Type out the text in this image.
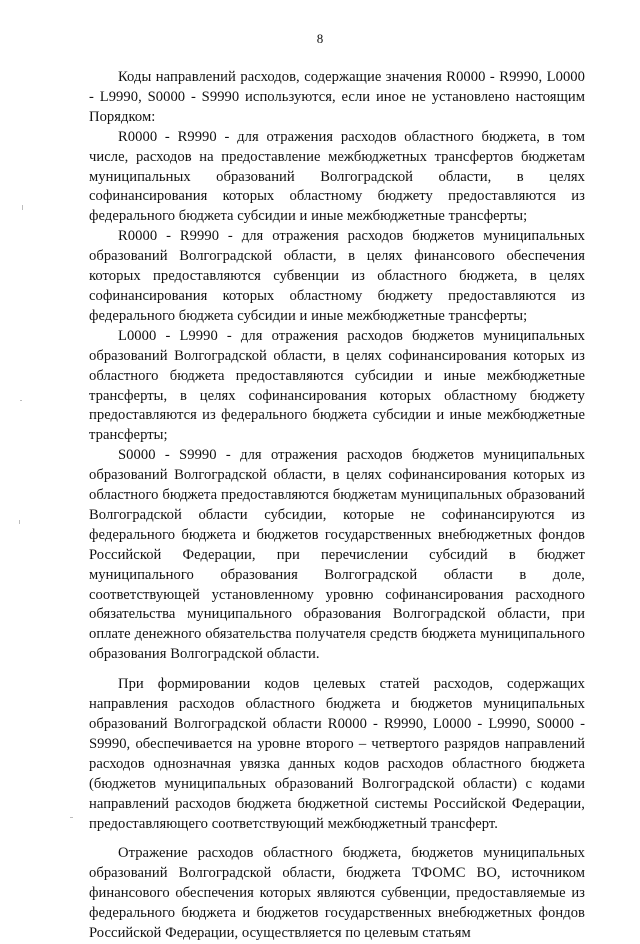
8

Коды направлений расходов, содержащие значения R0000 - R9990, L0000 - L9990, S0000 - S9990 используются, если иное не установлено настоящим Порядком:

R0000 - R9990 - для отражения расходов областного бюджета, в том числе, расходов на предоставление межбюджетных трансфертов бюджетам муниципальных образований Волгоградской области, в целях софинансирования которых областному бюджету предоставляются из федерального бюджета субсидии и иные межбюджетные трансферты;

R0000 - R9990 - для отражения расходов бюджетов муниципальных образований Волгоградской области, в целях финансового обеспечения которых предоставляются субвенции из областного бюджета, в целях софинансирования которых областному бюджету предоставляются из федерального бюджета субсидии и иные межбюджетные трансферты;

L0000 - L9990 - для отражения расходов бюджетов муниципальных образований Волгоградской области, в целях софинансирования которых из областного бюджета предоставляются субсидии и иные межбюджетные трансферты, в целях софинансирования которых областному бюджету предоставляются из федерального бюджета субсидии и иные межбюджетные трансферты;

S0000 - S9990 - для отражения расходов бюджетов муниципальных образований Волгоградской области, в целях софинансирования которых из областного бюджета предоставляются бюджетам муниципальных образований Волгоградской области субсидии, которые не софинансируются из федерального бюджета и бюджетов государственных внебюджетных фондов Российской Федерации, при перечислении субсидий в бюджет муниципального образования Волгоградской области в доле, соответствующей установленному уровню софинансирования расходного обязательства муниципального образования Волгоградской области, при оплате денежного обязательства получателя средств бюджета муниципального образования Волгоградской области.

При формировании кодов целевых статей расходов, содержащих направления расходов областного бюджета и бюджетов муниципальных образований Волгоградской области R0000 - R9990, L0000 - L9990, S0000 - S9990, обеспечивается на уровне второго – четвертого разрядов направлений расходов однозначная увязка данных кодов расходов областного бюджета (бюджетов муниципальных образований Волгоградской области) с кодами направлений расходов бюджета бюджетной системы Российской Федерации, предоставляющего соответствующий межбюджетный трансферт.

Отражение расходов областного бюджета, бюджетов муниципальных образований Волгоградской области, бюджета ТФОМС ВО, источником финансового обеспечения которых являются субвенции, предоставляемые из федерального бюджета и бюджетов государственных внебюджетных фондов Российской Федерации, осуществляется по целевым статьям
